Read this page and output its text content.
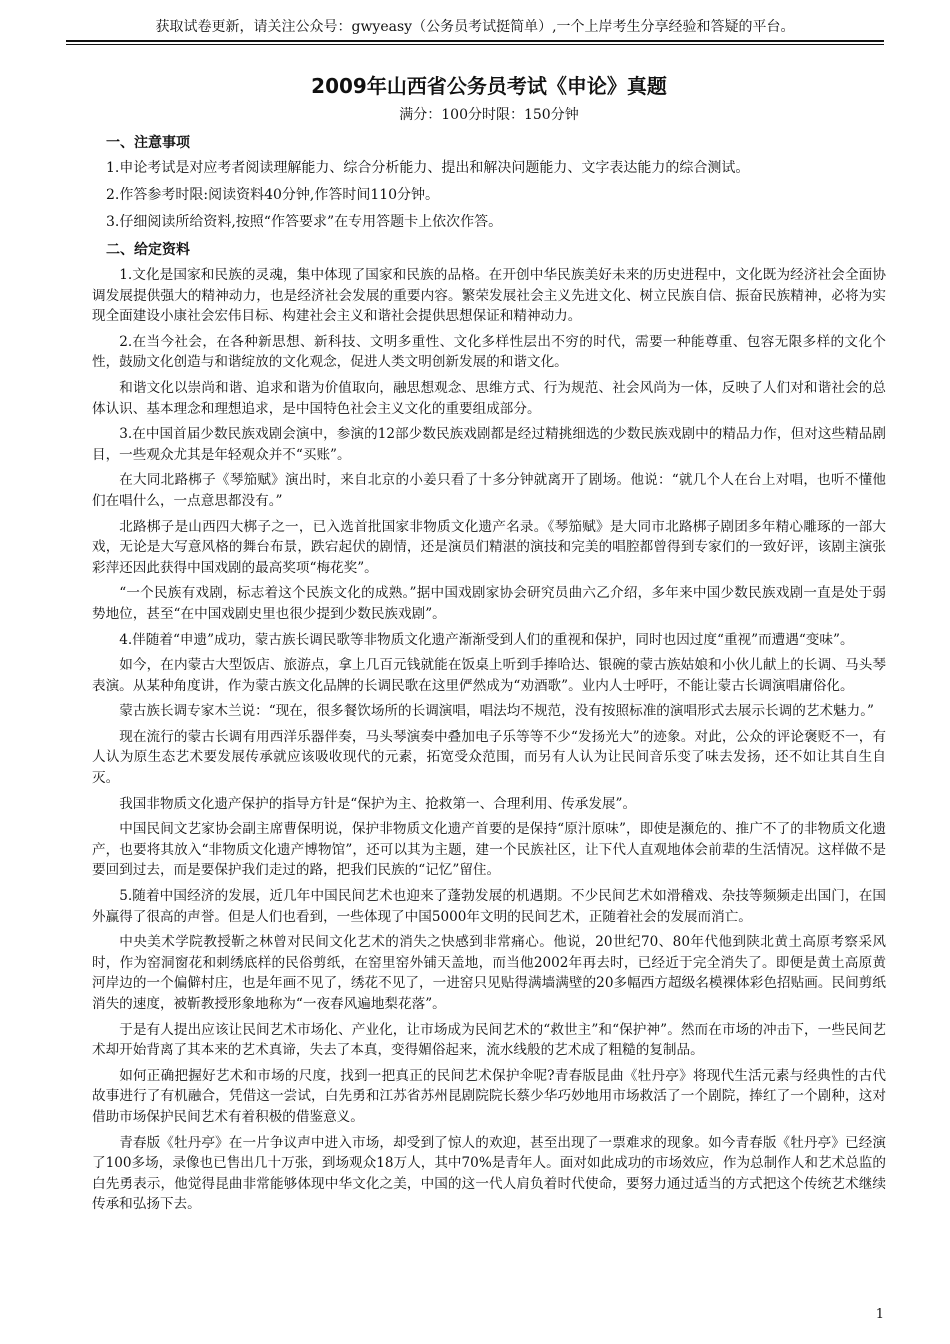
获取试卷更新，请关注公众号：gwyeasy（公务员考试挺简单）,一个上岸考生分享经验和答疑的平台。
2009年山西省公务员考试《申论》真题
满分：100分时限：150分钟
一、注意事项
1.申论考试是对应考者阅读理解能力、综合分析能力、提出和解决问题能力、文字表达能力的综合测试。
2.作答参考时限:阅读资料40分钟,作答时间110分钟。
3.仔细阅读所给资料,按照“作答要求”在专用答题卡上依次作答。
二、给定资料

1.文化是国家和民族的灵魂，集中体现了国家和民族的品格。在开创中华民族美好未来的历史进程中，文化既为经济社会全面协调发展提供强大的精神动力，也是经济社会发展的重要内容。繁荣发展社会主义先进文化、树立民族自信、振奋民族精神，必将为实现全面建设小康社会宏伟目标、构建社会主义和谐社会提供思想保证和精神动力。

2.在当今社会，在各种新思想、新科技、文明多重性、文化多样性层出不穷的时代，需要一种能尊重、包容无限多样的文化个性，鼓励文化创造与和谐绽放的文化观念，促进人类文明创新发展的和谐文化。

和谐文化以崇尚和谐、追求和谐为价值取向，融思想观念、思维方式、行为规范、社会风尚为一体，反映了人们对和谐社会的总体认识、基本理念和理想追求，是中国特色社会主义文化的重要组成部分。

3.在中国首届少数民族戏剧会演中，参演的12部少数民族戏剧都是经过精挑细选的少数民族戏剧中的精品力作，但对这些精品剧目，一些观众尤其是年轻观众并不“买账”。

在大同北路梆子《琴笳赋》演出时，来自北京的小姜只看了十多分钟就离开了剧场。他说：“就几个人在台上对唱，也听不懂他们在唱什么，一点意思都没有。”

北路梆子是山西四大梆子之一，已入选首批国家非物质文化遗产名录。《琴笳赋》是大同市北路梆子剧团多年精心雕琢的一部大戏，无论是大写意风格的舞台布景，跌宕起伏的剧情，还是演员们精湛的演技和完美的唱腔都曾得到专家们的一致好评，该剧主演张彩萍还因此获得中国戏剧的最高奖项“梅花奖”。

“一个民族有戏剧，标志着这个民族文化的成熟。”据中国戏剧家协会研究员曲六乙介绍，多年来中国少数民族戏剧一直是处于弱势地位，甚至“在中国戏剧史里也很少提到少数民族戏剧”。

4.伴随着“申遗”成功，蒙古族长调民歌等非物质文化遗产渐渐受到人们的重视和保护，同时也因过度“重视”而遭遇“变味”。

如今，在内蒙古大型饭店、旅游点，拿上几百元钱就能在饭桌上听到手捧哈达、银碗的蒙古族姑娘和小伙儿献上的长调、马头琴表演。从某种角度讲，作为蒙古族文化品牌的长调民歌在这里俨然成为“劝酒歌”。业内人士呼吁，不能让蒙古长调演唱庸俗化。

蒙古族长调专家木兰说：“现在，很多餐饮场所的长调演唱，唱法均不规范，没有按照标准的演唱形式去展示长调的艺术魅力。”

现在流行的蒙古长调有用西洋乐器伴奏，马头琴演奏中叠加电子乐等等不少“发扬光大”的迹象。对此，公众的评论褒贬不一，有人认为原生态艺术要发展传承就应该吸收现代的元素，拓宽受众范围，而另有人认为让民间音乐变了味去发扬，还不如让其自生自灭。

我国非物质文化遗产保护的指导方针是“保护为主、抢救第一、合理利用、传承发展”。

中国民间文艺家协会副主席曹保明说，保护非物质文化遗产首要的是保持“原汁原味”，即使是濒危的、推广不了的非物质文化遗产，也要将其放入“非物质文化遗产博物馆”，还可以其为主题，建一个民族社区，让下代人直观地体会前辈的生活情况。这样做不是要回到过去，而是要保护我们走过的路，把我们民族的“记忆”留住。

5.随着中国经济的发展，近几年中国民间艺术也迎来了蓬勃发展的机遇期。不少民间艺术如滑稽戏、杂技等频频走出国门，在国外赢得了很高的声誉。但是人们也看到，一些体现了中国5000年文明的民间艺术，正随着社会的发展而消亡。

中央美术学院教授靳之林曾对民间文化艺术的消失之快感到非常痛心。他说，20世纪70、80年代他到陕北黄土高原考察采风时，作为窑洞窗花和刺绣底样的民俗剪纸，在窑里窑外铺天盖地，而当他2002年再去时，已经近于完全消失了。即便是黄土高原黄河岸边的一个偏僻村庄，也是年画不见了，绣花不见了，一进窑只见贴得满墙满壁的20多幅西方超级名模裸体彩色招贴画。民间剪纸消失的速度，被靳教授形象地称为“一夜春风遍地梨花落”。

于是有人提出应该让民间艺术市场化、产业化，让市场成为民间艺术的“救世主”和“保护神”。然而在市场的冲击下，一些民间艺术却开始背离了其本来的艺术真谛，失去了本真，变得媚俗起来，流水线般的艺术成了粗糙的复制品。

如何正确把握好艺术和市场的尺度，找到一把真正的民间艺术保护伞呢?青春版昆曲《牡丹亭》将现代生活元素与经典性的古代故事进行了有机融合，凭借这一尝试，白先勇和江苏省苏州昆剧院院长蔡少华巧妙地用市场救活了一个剧院，捧红了一个剧种，这对借助市场保护民间艺术有着积极的借鉴意义。

青春版《牡丹亭》在一片争议声中进入市场，却受到了惊人的欢迎，甚至出现了一票难求的现象。如今青春版《牡丹亭》已经演了100多场，录像也已售出几十万张，到场观众18万人，其中70%是青年人。面对如此成功的市场效应，作为总制作人和艺术总监的白先勇表示，他觉得昆曲非常能够体现中华文化之美，中国的这一代人肩负着时代使命，要努力通过适当的方式把这个传统艺术继续传承和弘扬下去。

1
